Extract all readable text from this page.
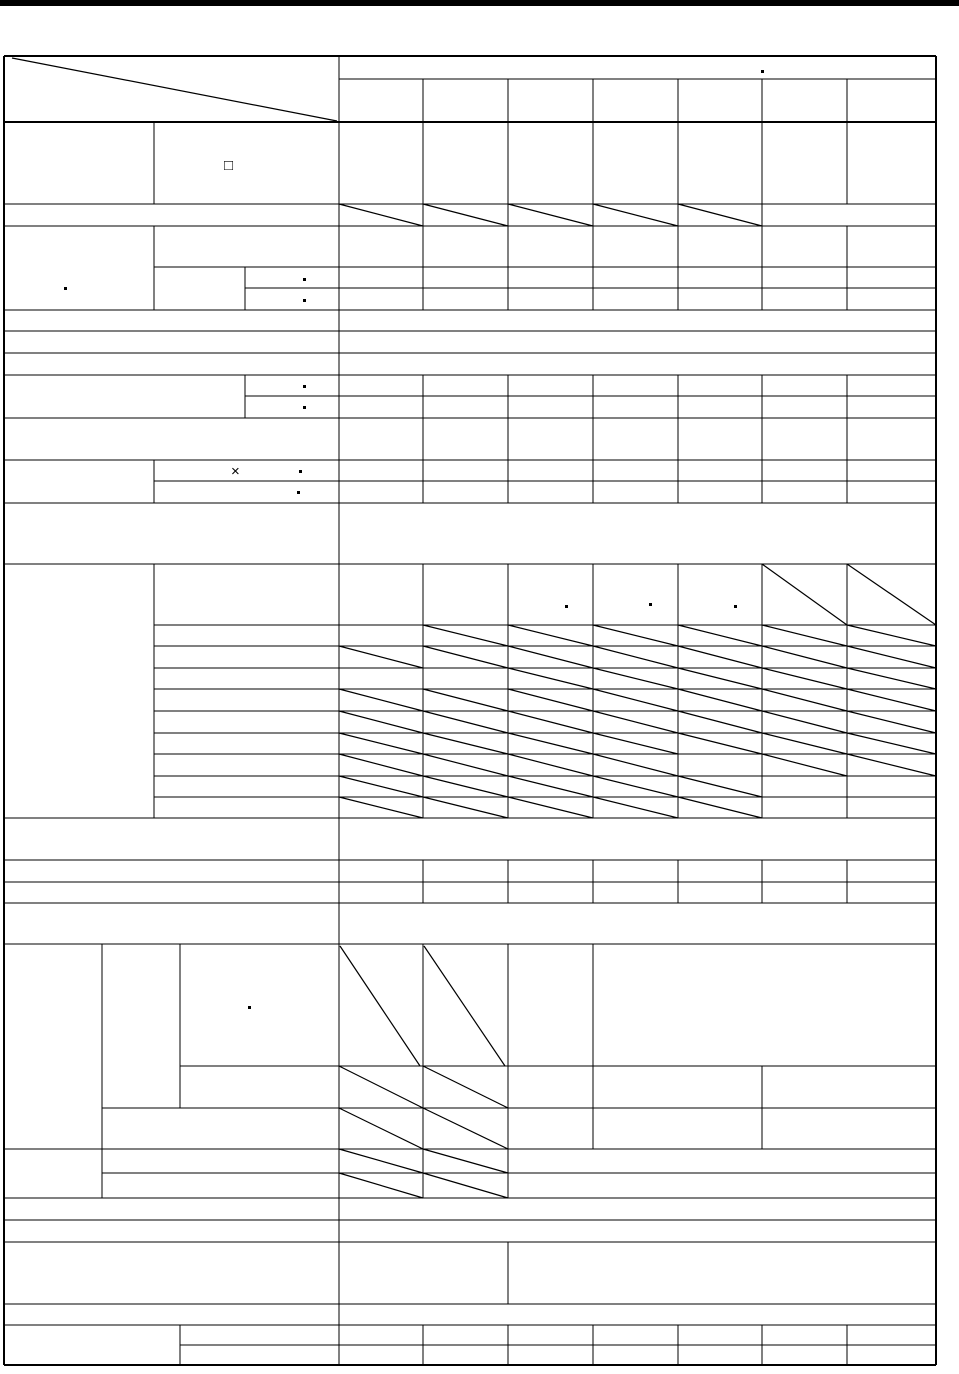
□
×
